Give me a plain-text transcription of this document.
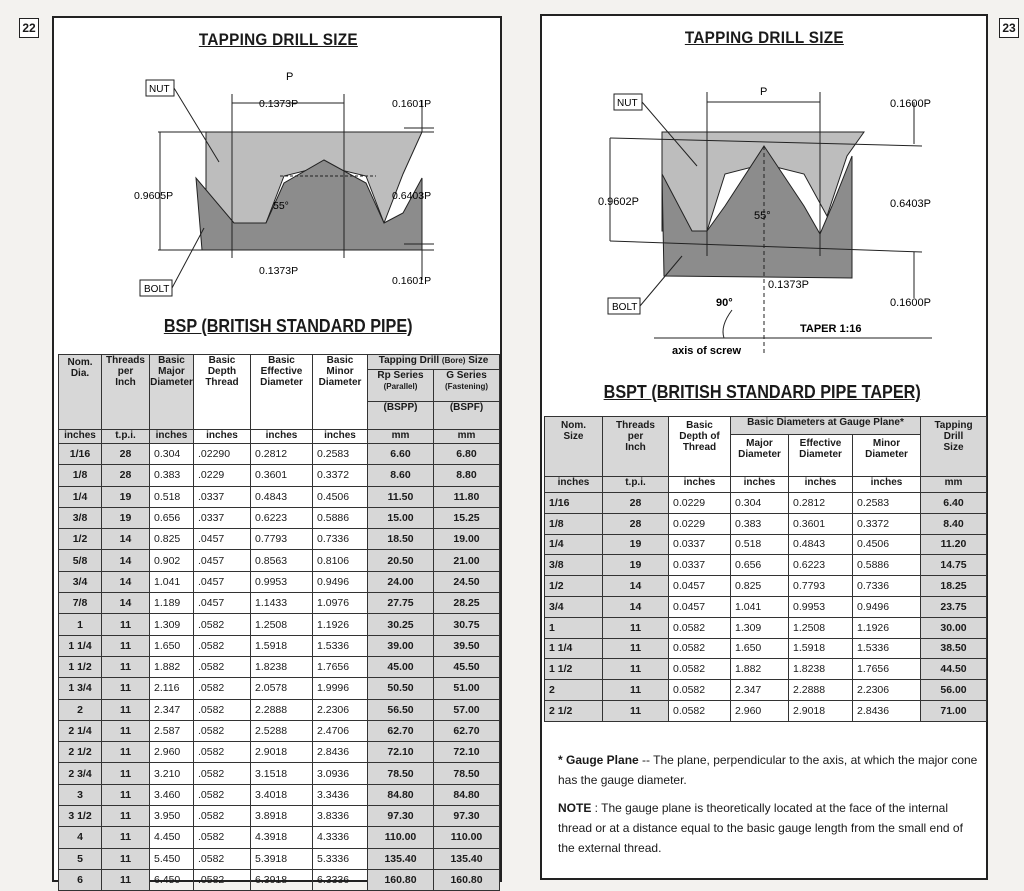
22	23
TAPPING DRILL SIZE
P
0.1373P	0.1601P
0.9605P	0.6403P
55°
0.1373P
0.1601P
NUT
BOLT
BSP (BRITISH STANDARD PIPE)
Nom.
Dia.	Threads
per
Inch	Basic
Major
Diameter	Basic
Depth
Thread	Basic
Effective
Diameter	Basic
Minor
Diameter	Tapping Drill (Bore) Size	
						Rp Series
(Parallel)	G Series
(Fastening)
						(BSPP)	(BSPF)
inches	t.p.i.	inches	inches	inches	inches	mm	mm
1/16	28	0.304	.02290	0.2812	0.2583	6.60	6.80
1/8	28	0.383	.0229	0.3601	0.3372	8.60	8.80
1/4	19	0.518	.0337	0.4843	0.4506	11.50	11.80
3/8	19	0.656	.0337	0.6223	0.5886	15.00	15.25
1/2	14	0.825	.0457	0.7793	0.7336	18.50	19.00
5/8	14	0.902	.0457	0.8563	0.8106	20.50	21.00
3/4	14	1.041	.0457	0.9953	0.9496	24.00	24.50
7/8	14	1.189	.0457	1.1433	1.0976	27.75	28.25
1	11	1.309	.0582	1.2508	1.1926	30.25	30.75
1 1/4	11	1.650	.0582	1.5918	1.5336	39.00	39.50
1 1/2	11	1.882	.0582	1.8238	1.7656	45.00	45.50
1 3/4	11	2.116	.0582	2.0578	1.9996	50.50	51.00
2	11	2.347	.0582	2.2888	2.2306	56.50	57.00
2 1/4	11	2.587	.0582	2.5288	2.4706	62.70	62.70
2 1/2	11	2.960	.0582	2.9018	2.8436	72.10	72.10
2 3/4	11	3.210	.0582	3.1518	3.0936	78.50	78.50
3	11	3.460	.0582	3.4018	3.3436	84.80	84.80
3 1/2	11	3.950	.0582	3.8918	3.8336	97.30	97.30
4	11	4.450	.0582	4.3918	4.3336	110.00	110.00
5	11	5.450	.0582	5.3918	5.3336	135.40	135.40
6	11	6.450	.0582	6.3918	6.3336	160.80	160.80
TAPPING DRILL SIZE
P
0.1600P
0.9602P	0.6403P
55°
0.1373P
0.1600P
90°
TAPER 1:16
axis of screw
NUT
BOLT
BSPT (BRITISH STANDARD PIPE TAPER)
Nom.
Size	Threads
per
Inch	Basic
Depth of
Thread	Basic Diameters at Gauge Plane*			Tapping
Drill
Size
			Major
Diameter	Effective
Diameter	Minor
Diameter	
inches	t.p.i.	inches	inches	inches	inches	mm
1/16	28	0.0229	0.304	0.2812	0.2583	6.40
1/8	28	0.0229	0.383	0.3601	0.3372	8.40
1/4	19	0.0337	0.518	0.4843	0.4506	11.20
3/8	19	0.0337	0.656	0.6223	0.5886	14.75
1/2	14	0.0457	0.825	0.7793	0.7336	18.25
3/4	14	0.0457	1.041	0.9953	0.9496	23.75
1	11	0.0582	1.309	1.2508	1.1926	30.00
1 1/4	11	0.0582	1.650	1.5918	1.5336	38.50
1 1/2	11	0.0582	1.882	1.8238	1.7656	44.50
2	11	0.0582	2.347	2.2888	2.2306	56.00
2 1/2	11	0.0582	2.960	2.9018	2.8436	71.00
* Gauge Plane -- The plane, perpendicular to the axis, at which the major cone has the gauge diameter.
NOTE : The gauge plane is theoretically located at the face of the internal thread or at a distance equal to the basic gauge length from the small end of the external thread.
